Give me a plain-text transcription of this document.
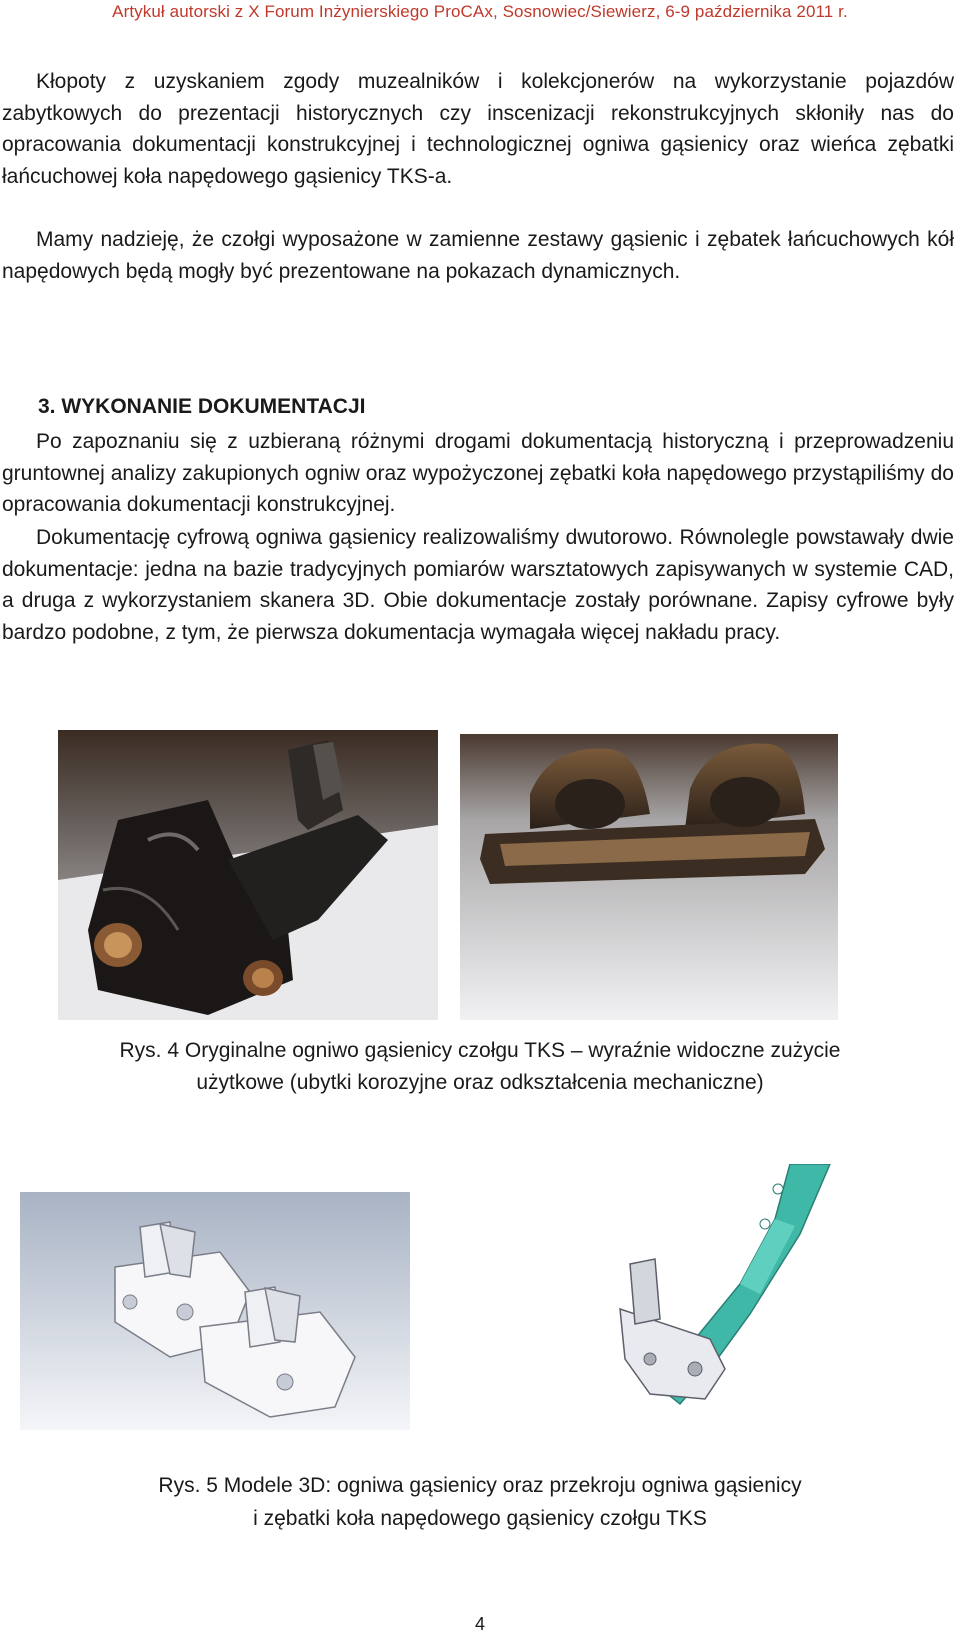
Artykuł autorski z X Forum Inżynierskiego ProCAx, Sosnowiec/Siewierz, 6-9 października 2011 r.

Kłopoty z uzyskaniem zgody muzealników i kolekcjonerów na wykorzystanie pojazdów zabytkowych do prezentacji historycznych czy inscenizacji rekonstrukcyjnych skłoniły nas do opracowania dokumentacji konstrukcyjnej i technologicznej ogniwa gąsienicy oraz wieńca zębatki łańcuchowej koła napędowego gąsienicy TKS-a.

Mamy nadzieję, że czołgi wyposażone w zamienne zestawy gąsienic i zębatek łańcuchowych kół napędowych będą mogły być prezentowane na pokazach dynamicznych.

3. WYKONANIE DOKUMENTACJI

Po zapoznaniu się z uzbieraną różnymi drogami dokumentacją historyczną i przeprowadzeniu gruntownej analizy zakupionych ogniw oraz wypożyczonej zębatki koła napędowego przystąpiliśmy do opracowania dokumentacji konstrukcyjnej.

Dokumentację cyfrową ogniwa gąsienicy realizowaliśmy dwutorowo. Równolegle powstawały dwie dokumentacje: jedna na bazie tradycyjnych pomiarów warsztatowych zapisywanych w systemie CAD, a druga z wykorzystaniem skanera 3D. Obie dokumentacje zostały porównane. Zapisy cyfrowe były bardzo podobne, z tym, że pierwsza dokumentacja wymagała więcej nakładu pracy.

Rys. 4 Oryginalne ogniwo gąsienicy czołgu TKS – wyraźnie widoczne zużycie
użytkowe (ubytki korozyjne oraz odkształcenia mechaniczne)
Rys. 5 Modele 3D: ogniwa gąsienicy oraz przekroju ogniwa gąsienicy
i zębatki koła napędowego gąsienicy czołgu TKS
4
